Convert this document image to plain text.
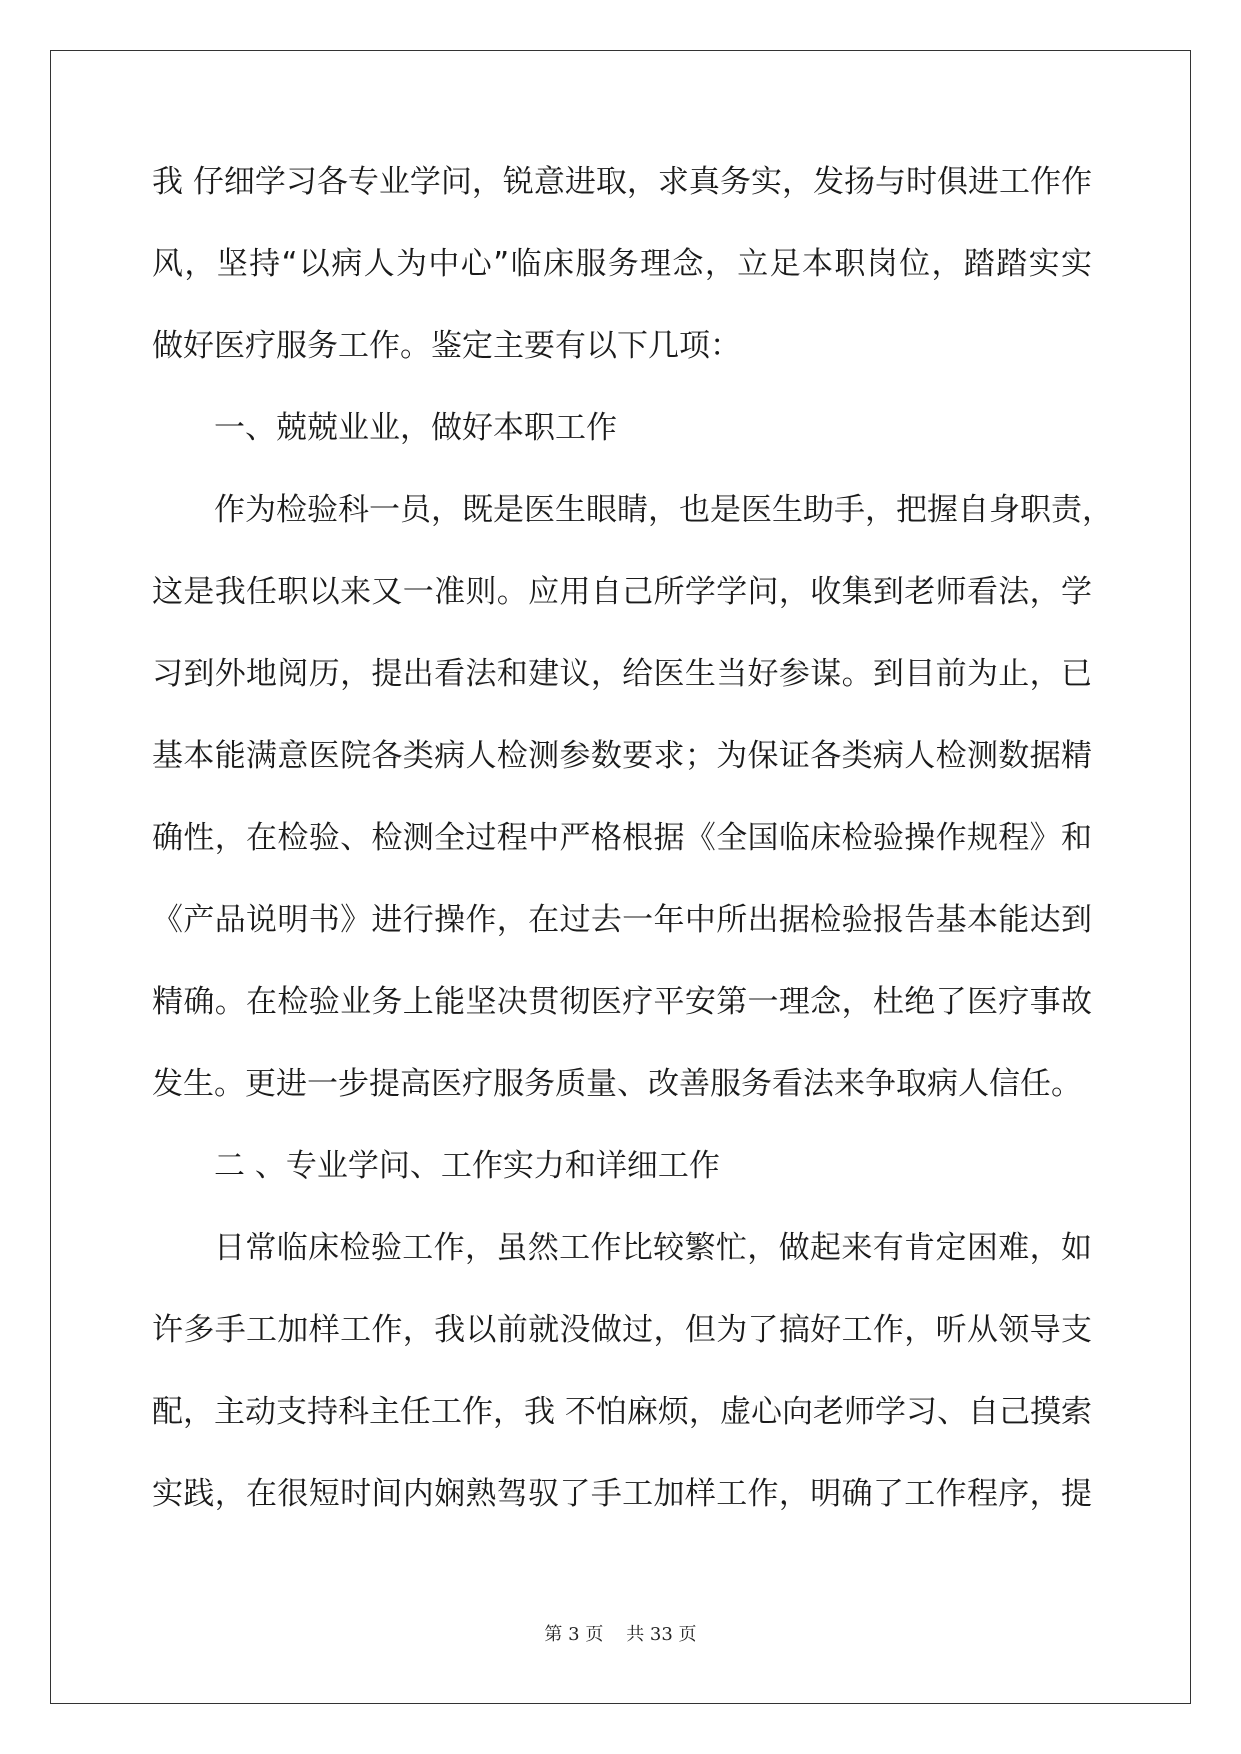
我 仔细学习各专业学问，锐意进取，求真务实，发扬与时俱进工作作
风，坚持“以病人为中心”临床服务理念，立足本职岗位，踏踏实实
做好医疗服务工作。鉴定主要有以下几项：
一、兢兢业业，做好本职工作
作为检验科一员，既是医生眼睛，也是医生助手，把握自身职责，
这是我任职以来又一准则。应用自己所学学问，收集到老师看法，学
习到外地阅历，提出看法和建议，给医生当好参谋。到目前为止，已
基本能满意医院各类病人检测参数要求；为保证各类病人检测数据精
确性，在检验、检测全过程中严格根据《全国临床检验操作规程》和
《产品说明书》进行操作，在过去一年中所出据检验报告基本能达到
精确。在检验业务上能坚决贯彻医疗平安第一理念，杜绝了医疗事故
发生。更进一步提高医疗服务质量、改善服务看法来争取病人信任。
二 、专业学问、工作实力和详细工作
日常临床检验工作，虽然工作比较繁忙，做起来有肯定困难，如
许多手工加样工作，我以前就没做过，但为了搞好工作，听从领导支
配，主动支持科主任工作，我 不怕麻烦，虚心向老师学习、自己摸索
实践，在很短时间内娴熟驾驭了手工加样工作，明确了工作程序，提
第 3 页    共 33 页
